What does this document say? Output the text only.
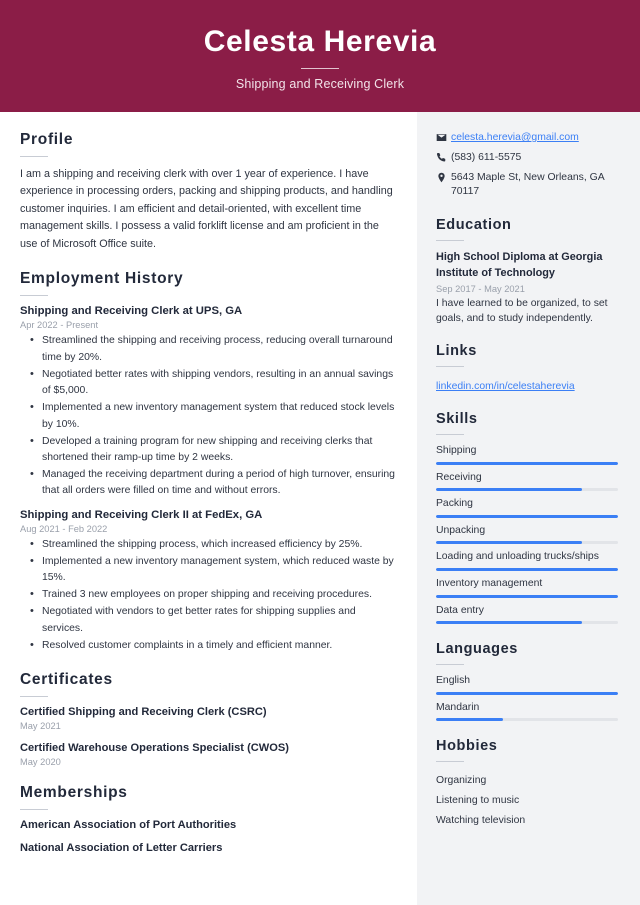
Celesta Herevia
Shipping and Receiving Clerk
Profile
I am a shipping and receiving clerk with over 1 year of experience. I have experience in processing orders, packing and shipping products, and handling customer inquiries. I am efficient and detail-oriented, with excellent time management skills. I possess a valid forklift license and am proficient in the use of Microsoft Office suite.
Employment History
Shipping and Receiving Clerk at UPS, GA
Apr 2022 - Present
• Streamlined the shipping and receiving process, reducing overall turnaround time by 20%.
• Negotiated better rates with shipping vendors, resulting in an annual savings of $5,000.
• Implemented a new inventory management system that reduced stock levels by 10%.
• Developed a training program for new shipping and receiving clerks that shortened their ramp-up time by 2 weeks.
• Managed the receiving department during a period of high turnover, ensuring that all orders were filled on time and without errors.
Shipping and Receiving Clerk II at FedEx, GA
Aug 2021 - Feb 2022
• Streamlined the shipping process, which increased efficiency by 25%.
• Implemented a new inventory management system, which reduced waste by 15%.
• Trained 3 new employees on proper shipping and receiving procedures.
• Negotiated with vendors to get better rates for shipping supplies and services.
• Resolved customer complaints in a timely and efficient manner.
Certificates
Certified Shipping and Receiving Clerk (CSRC)
May 2021
Certified Warehouse Operations Specialist (CWOS)
May 2020
Memberships
American Association of Port Authorities
National Association of Letter Carriers
celesta.herevia@gmail.com
(583) 611-5575
5643 Maple St, New Orleans, GA 70117
Education
High School Diploma at Georgia Institute of Technology
Sep 2017 - May 2021
I have learned to be organized, to set goals, and to study independently.
Links
linkedin.com/in/celestaherevia
Skills
Shipping
Receiving
Packing
Unpacking
Loading and unloading trucks/ships
Inventory management
Data entry
Languages
English
Mandarin
Hobbies
Organizing
Listening to music
Watching television
